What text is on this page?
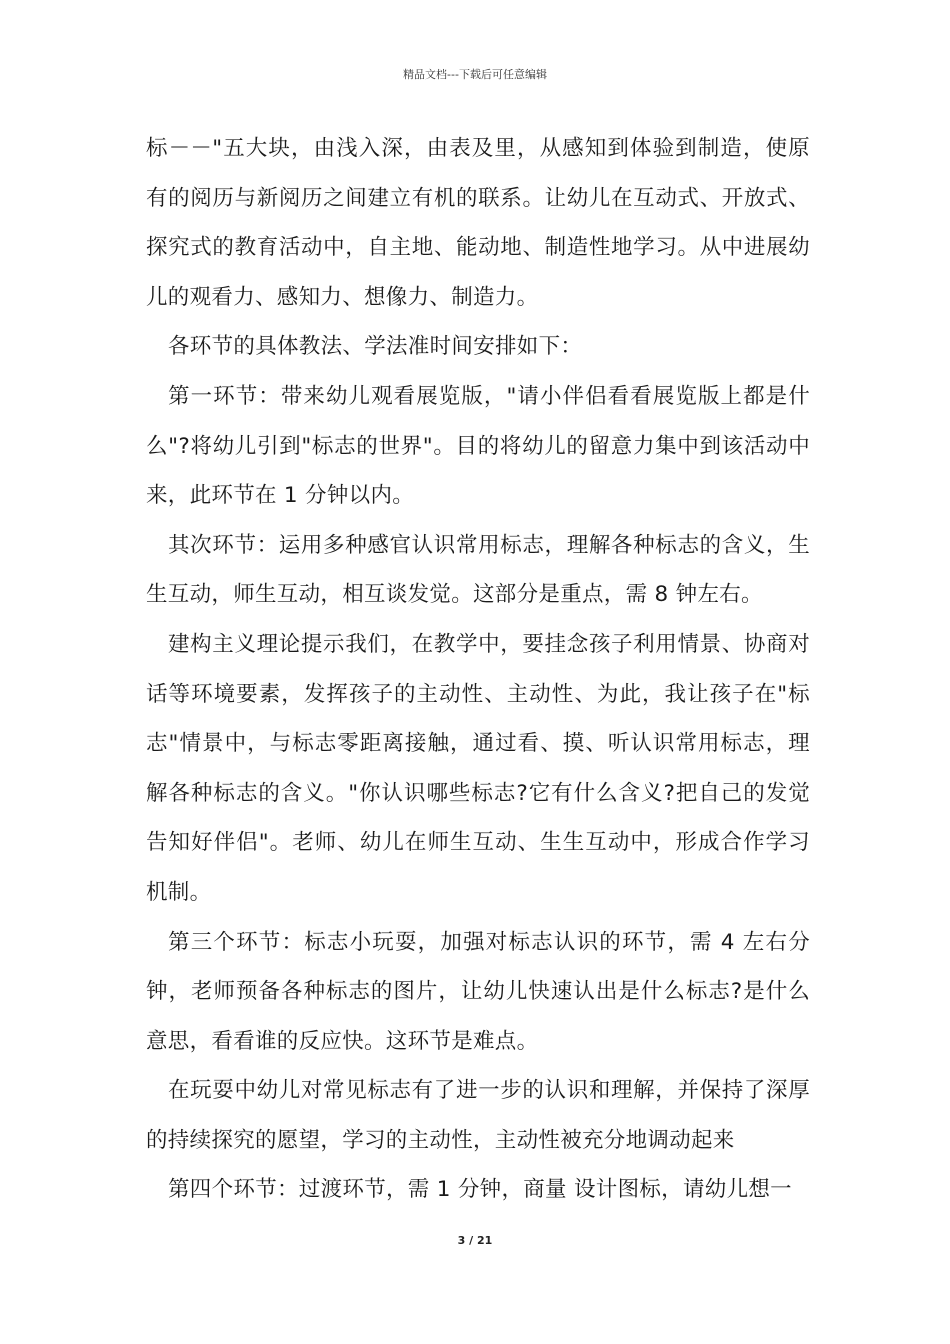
精品文档---下载后可任意编辑

标－－"五大块，由浅入深，由表及里，从感知到体验到制造，使原有的阅历与新阅历之间建立有机的联系。让幼儿在互动式、开放式、探究式的教育活动中，自主地、能动地、制造性地学习。从中进展幼儿的观看力、感知力、想像力、制造力。

各环节的具体教法、学法准时间安排如下：

第一环节：带来幼儿观看展览版，"请小伴侣看看展览版上都是什么"?将幼儿引到"标志的世界"。目的将幼儿的留意力集中到该活动中来，此环节在 1 分钟以内。

其次环节：运用多种感官认识常用标志，理解各种标志的含义，生生互动，师生互动，相互谈发觉。这部分是重点，需 8 钟左右。

建构主义理论提示我们，在教学中，要挂念孩子利用情景、协商对话等环境要素，发挥孩子的主动性、主动性、为此，我让孩子在"标志"情景中，与标志零距离接触，通过看、摸、听认识常用标志，理解各种标志的含义。"你认识哪些标志?它有什么含义?把自己的发觉告知好伴侣"。老师、幼儿在师生互动、生生互动中，形成合作学习机制。

第三个环节：标志小玩耍，加强对标志认识的环节，需 4 左右分钟，老师预备各种标志的图片，让幼儿快速认出是什么标志?是什么意思，看看谁的反应快。这环节是难点。

在玩耍中幼儿对常见标志有了进一步的认识和理解，并保持了深厚的持续探究的愿望，学习的主动性，主动性被充分地调动起来

第四个环节：过渡环节，需 1 分钟，商量 设计图标，请幼儿想一

3 / 21
